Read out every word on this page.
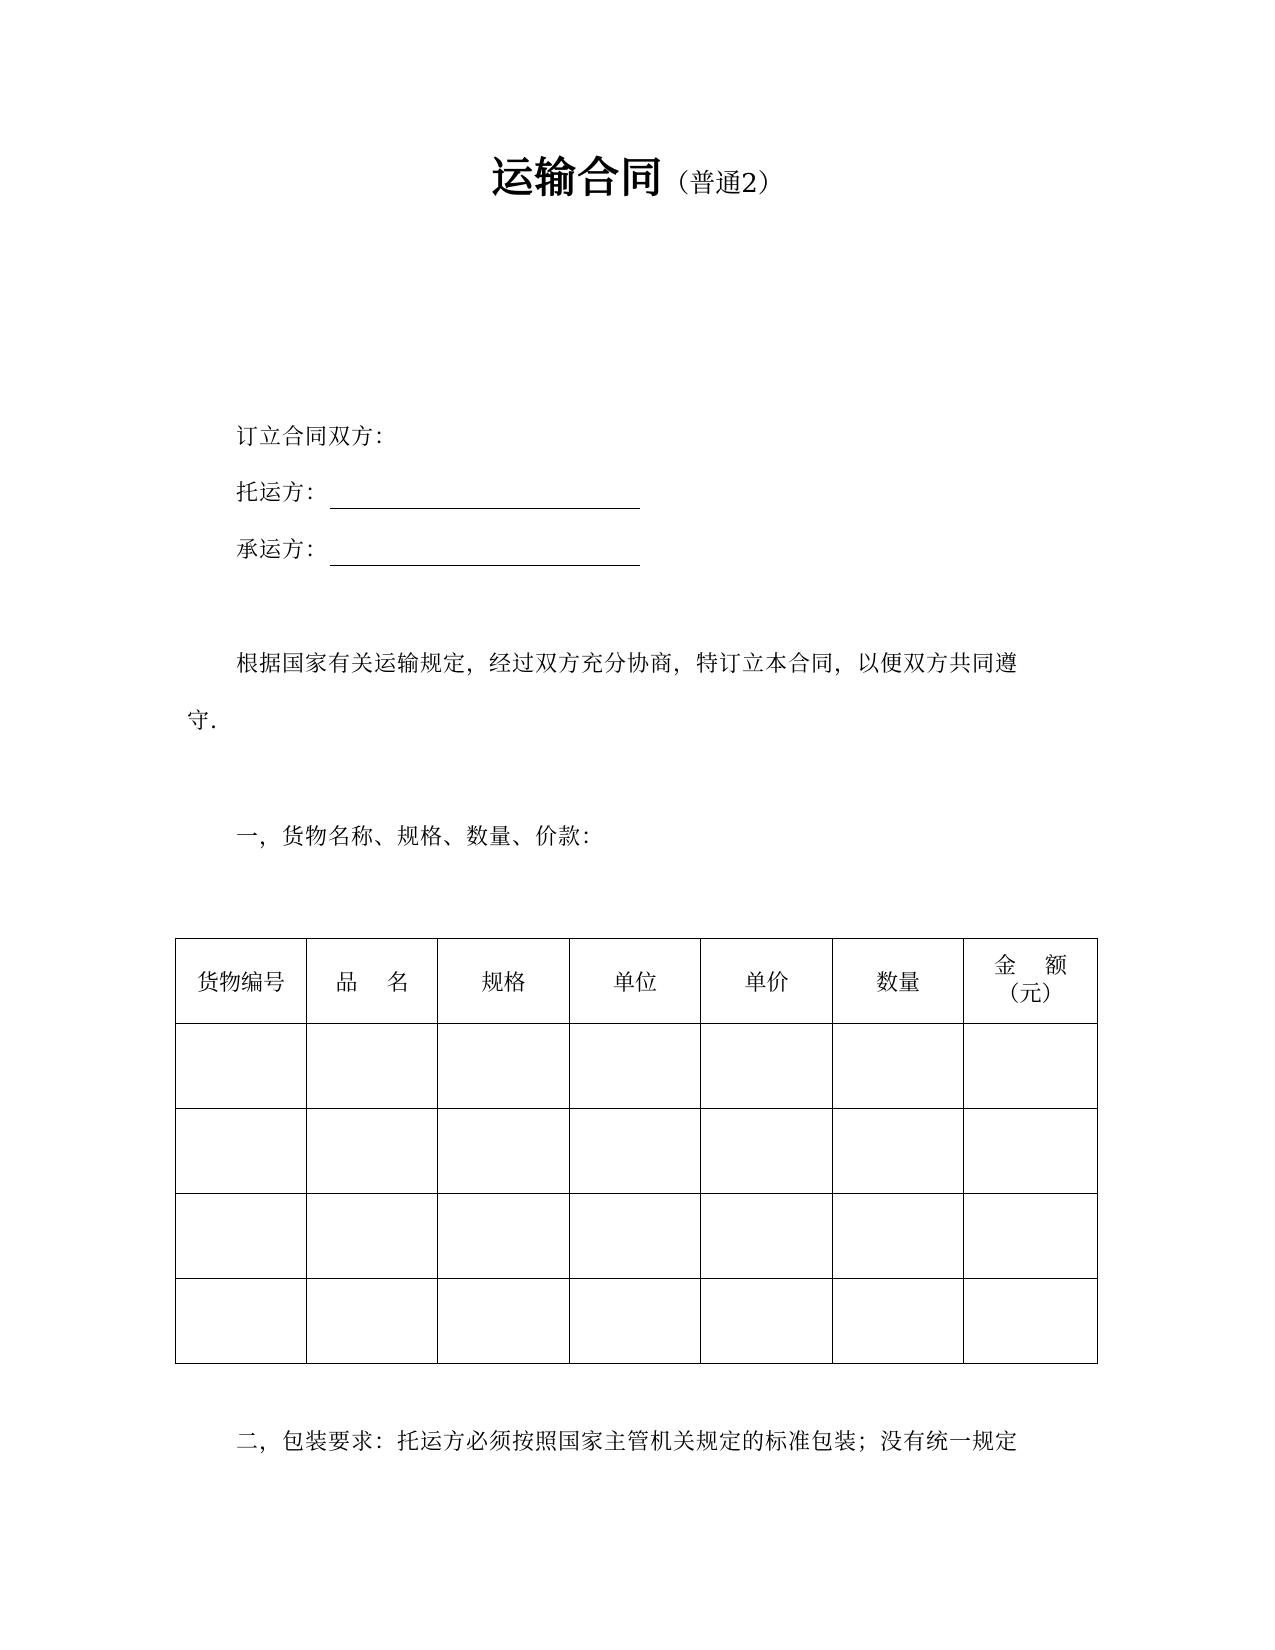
运输合同（普通2）
订立合同双方：
托运方：
承运方：
根据国家有关运输规定，经过双方充分协商，特订立本合同，以便双方共同遵
守.
一，货物名称、规格、数量、价款：
货物编号	品　 名	规格	单位	单价	数量	金　 额
（元）

二，包装要求：托运方必须按照国家主管机关规定的标准包装；没有统一规定
